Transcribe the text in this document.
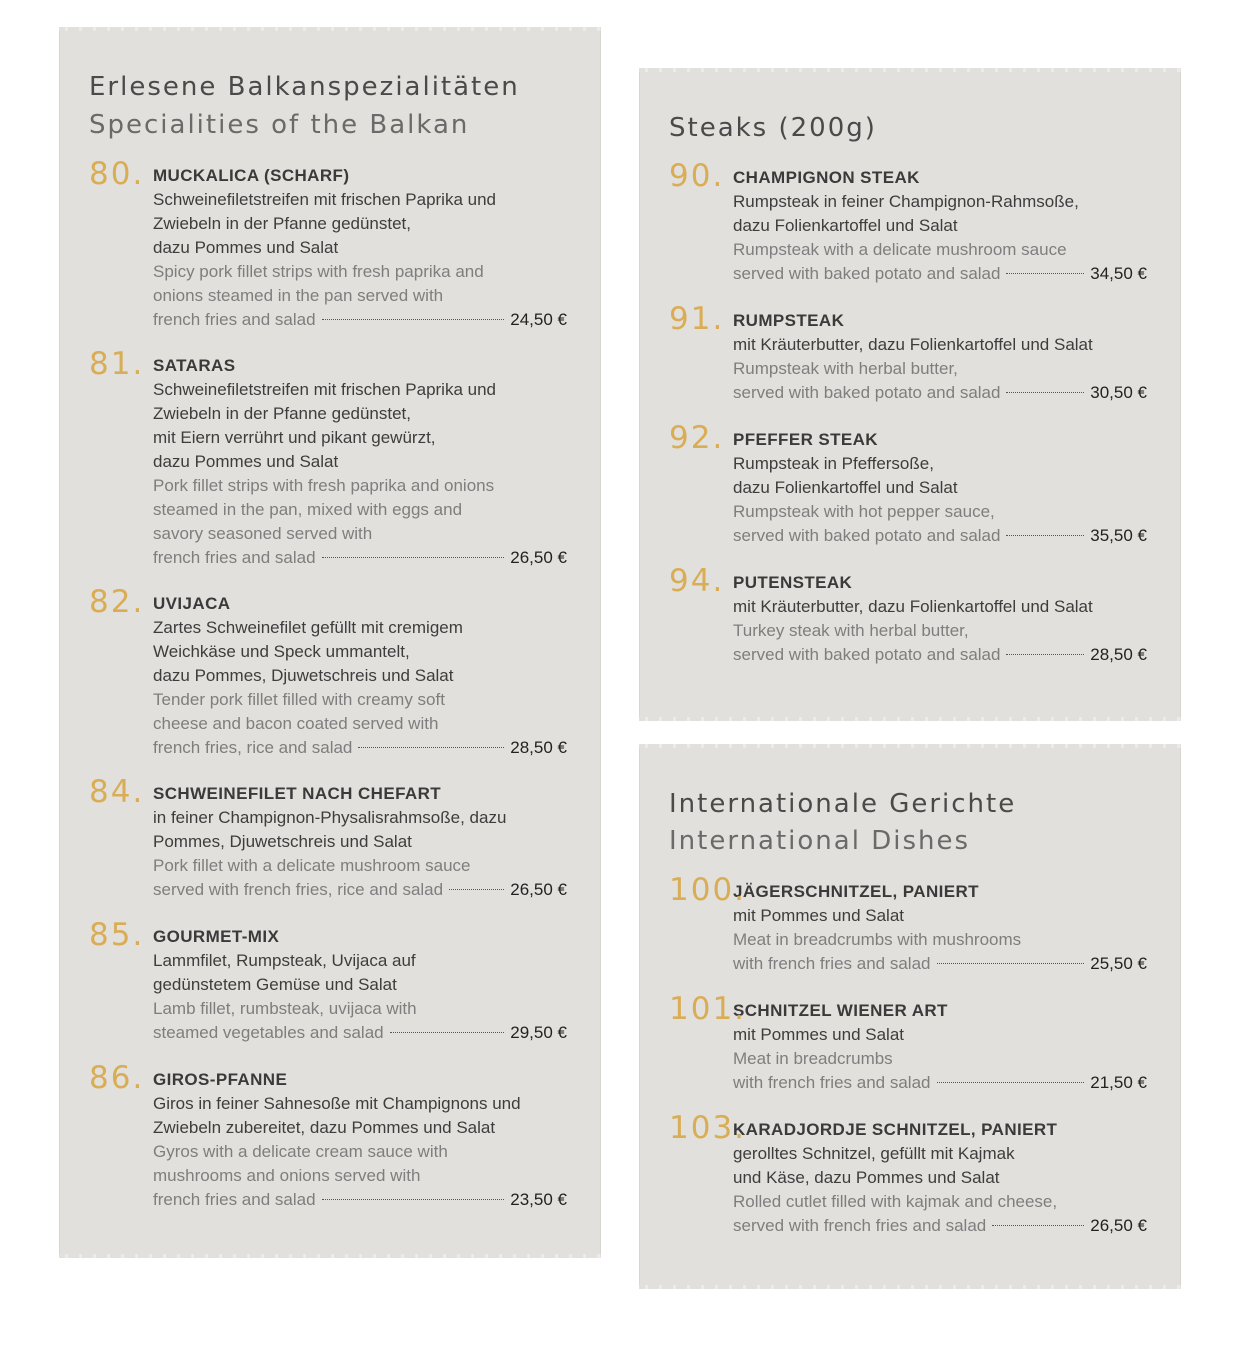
Erlesene Balkanspezialitäten
Specialities of the Balkan
80. MUCKALICA (SCHARF)
Schweinefiletstreifen mit frischen Paprika und
Zwiebeln in der Pfanne gedünstet,
dazu Pommes und Salat
Spicy pork fillet strips with fresh paprika and
onions steamed in the pan served with
french fries and salad	24,50 €
81. SATARAS
Schweinefiletstreifen mit frischen Paprika und
Zwiebeln in der Pfanne gedünstet,
mit Eiern verrührt und pikant gewürzt,
dazu Pommes und Salat
Pork fillet strips with fresh paprika and onions
steamed in the pan, mixed with eggs and
savory seasoned served with
french fries and salad	26,50 €
82. UVIJACA
Zartes Schweinefilet gefüllt mit cremigem
Weichkäse und Speck ummantelt,
dazu Pommes, Djuwetschreis und Salat
Tender pork fillet filled with creamy soft
cheese and bacon coated served with
french fries, rice and salad	28,50 €
84. SCHWEINEFILET NACH CHEFART
in feiner Champignon-Physalisrahmsoße, dazu
Pommes, Djuwetschreis und Salat
Pork fillet with a delicate mushroom sauce
served with french fries, rice and salad	26,50 €
85. GOURMET-MIX
Lammfilet, Rumpsteak, Uvijaca auf
gedünstetem Gemüse und Salat
Lamb fillet, rumbsteak, uvijaca with
steamed vegetables and salad	29,50 €
86. GIROS-PFANNE
Giros in feiner Sahnesoße mit Champignons und
Zwiebeln zubereitet, dazu Pommes und Salat
Gyros with a delicate cream sauce with
mushrooms and onions served with
french fries and salad	23,50 €
Steaks (200g)
90. CHAMPIGNON STEAK
Rumpsteak in feiner Champignon-Rahmsoße,
dazu Folienkartoffel und Salat
Rumpsteak with a delicate mushroom sauce
served with baked potato and salad	34,50 €
91. RUMPSTEAK
mit Kräuterbutter, dazu Folienkartoffel und Salat
Rumpsteak with herbal butter,
served with baked potato and salad	30,50 €
92. PFEFFER STEAK
Rumpsteak in Pfeffersoße,
dazu Folienkartoffel und Salat
Rumpsteak with hot pepper sauce,
served with baked potato and salad	35,50 €
94. PUTENSTEAK
mit Kräuterbutter, dazu Folienkartoffel und Salat
Turkey steak with herbal butter,
served with baked potato and salad	28,50 €
Internationale Gerichte
International Dishes
100.
JÄGERSCHNITZEL, PANIERT
mit Pommes und Salat
Meat in breadcrumbs with mushrooms
with french fries and salad	25,50 €
101.
SCHNITZEL WIENER ART
mit Pommes und Salat
Meat in breadcrumbs
with french fries and salad	21,50 €
103.
KARADJORDJE SCHNITZEL, PANIERT
gerolltes Schnitzel, gefüllt mit Kajmak
und Käse, dazu Pommes und Salat
Rolled cutlet filled with kajmak and cheese,
served with french fries and salad	26,50 €
